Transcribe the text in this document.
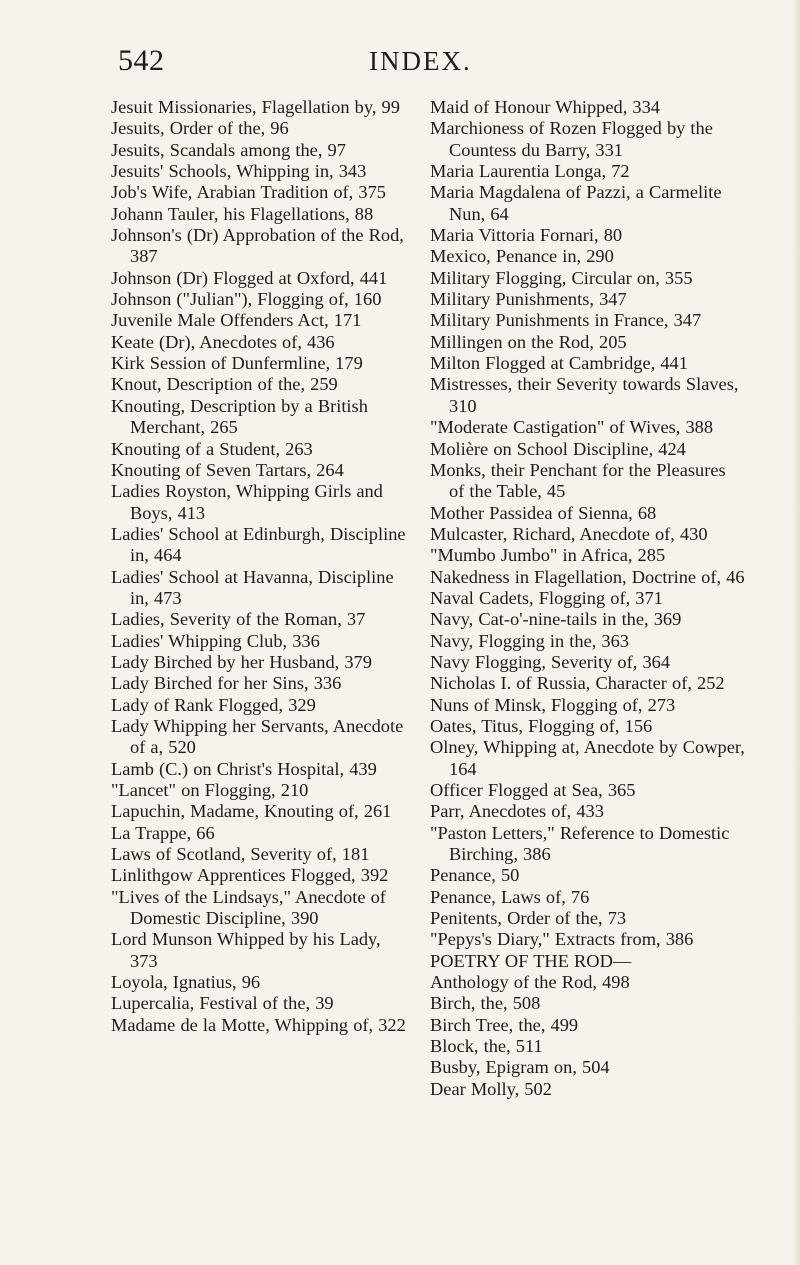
542	INDEX.

Jesuit Missionaries, Flagellation by, 99

Jesuits, Order of the, 96

Jesuits, Scandals among the, 97

Jesuits' Schools, Whipping in, 343

Job's Wife, Arabian Tradition of, 375

Johann Tauler, his Flagellations, 88

Johnson's (Dr) Approbation of the Rod, 387

Johnson (Dr) Flogged at Oxford, 441

Johnson ("Julian"), Flogging of, 160

Juvenile Male Offenders Act, 171

Keate (Dr), Anecdotes of, 436

Kirk Session of Dunfermline, 179

Knout, Description of the, 259

Knouting, Description by a British Merchant, 265

Knouting of a Student, 263

Knouting of Seven Tartars, 264

Ladies Royston, Whipping Girls and Boys, 413

Ladies' School at Edinburgh, Discipline in, 464

Ladies' School at Havanna, Discipline in, 473

Ladies, Severity of the Roman, 37

Ladies' Whipping Club, 336

Lady Birched by her Husband, 379

Lady Birched for her Sins, 336

Lady of Rank Flogged, 329

Lady Whipping her Servants, Anecdote of a, 520

Lamb (C.) on Christ's Hospital, 439

"Lancet" on Flogging, 210

Lapuchin, Madame, Knouting of, 261

La Trappe, 66

Laws of Scotland, Severity of, 181

Linlithgow Apprentices Flogged, 392

"Lives of the Lindsays," Anecdote of Domestic Discipline, 390

Lord Munson Whipped by his Lady, 373

Loyola, Ignatius, 96

Lupercalia, Festival of the, 39

Madame de la Motte, Whipping of, 322

Maid of Honour Whipped, 334

Marchioness of Rozen Flogged by the Countess du Barry, 331

Maria Laurentia Longa, 72

Maria Magdalena of Pazzi, a Carmelite Nun, 64

Maria Vittoria Fornari, 80

Mexico, Penance in, 290

Military Flogging, Circular on, 355

Military Punishments, 347

Military Punishments in France, 347

Millingen on the Rod, 205

Milton Flogged at Cambridge, 441

Mistresses, their Severity towards Slaves, 310

"Moderate Castigation" of Wives, 388

Molière on School Discipline, 424

Monks, their Penchant for the Pleasures of the Table, 45

Mother Passidea of Sienna, 68

Mulcaster, Richard, Anecdote of, 430

"Mumbo Jumbo" in Africa, 285

Nakedness in Flagellation, Doctrine of, 46

Naval Cadets, Flogging of, 371

Navy, Cat-o'-nine-tails in the, 369

Navy, Flogging in the, 363

Navy Flogging, Severity of, 364

Nicholas I. of Russia, Character of, 252

Nuns of Minsk, Flogging of, 273

Oates, Titus, Flogging of, 156

Olney, Whipping at, Anecdote by Cowper, 164

Officer Flogged at Sea, 365

Parr, Anecdotes of, 433

"Paston Letters," Reference to Domestic Birching, 386

Penance, 50

Penance, Laws of, 76

Penitents, Order of the, 73

"Pepys's Diary," Extracts from, 386

POETRY OF THE ROD—

Anthology of the Rod, 498

Birch, the, 508

Birch Tree, the, 499

Block, the, 511

Busby, Epigram on, 504

Dear Molly, 502
